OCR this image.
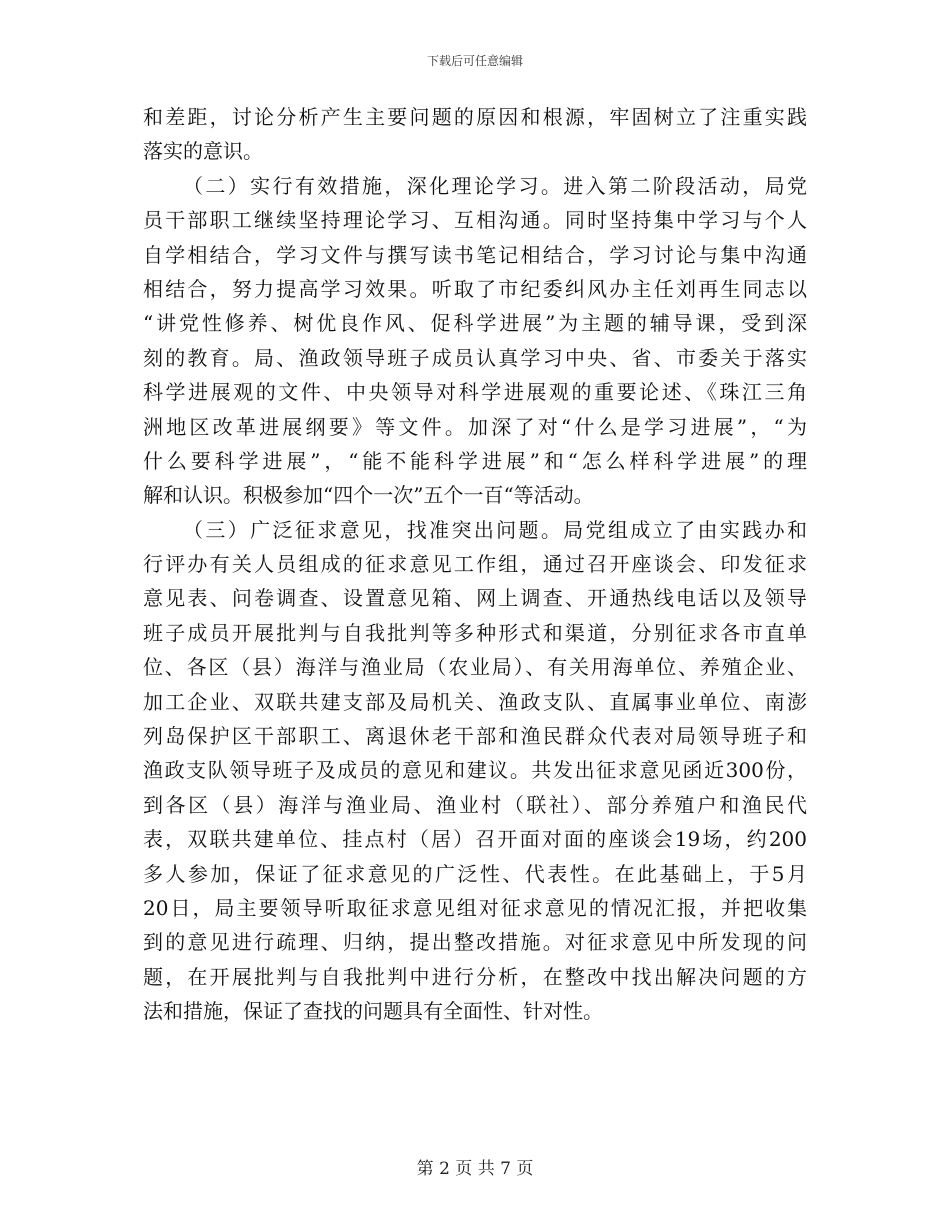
下载后可任意编辑
和差距，讨论分析产生主要问题的原因和根源，牢固树立了注重实践
落实的意识。
（二）实行有效措施，深化理论学习。进入第二阶段活动，局党
员干部职工继续坚持理论学习、互相沟通。同时坚持集中学习与个人
自学相结合，学习文件与撰写读书笔记相结合，学习讨论与集中沟通
相结合，努力提高学习效果。听取了市纪委纠风办主任刘再生同志以
“讲党性修养、树优良作风、促科学进展”为主题的辅导课，受到深
刻的教育。局、渔政领导班子成员认真学习中央、省、市委关于落实
科学进展观的文件、中央领导对科学进展观的重要论述、《珠江三角
洲地区改革进展纲要》等文件。加深了对“什么是学习进展”，“为
什么要科学进展”，“能不能科学进展”和“怎么样科学进展”的理
解和认识。积极参加“四个一次”五个一百“等活动。
（三）广泛征求意见，找准突出问题。局党组成立了由实践办和
行评办有关人员组成的征求意见工作组，通过召开座谈会、印发征求
意见表、问卷调查、设置意见箱、网上调查、开通热线电话以及领导
班子成员开展批判与自我批判等多种形式和渠道，分别征求各市直单
位、各区（县）海洋与渔业局（农业局）、有关用海单位、养殖企业、
加工企业、双联共建支部及局机关、渔政支队、直属事业单位、南澎
列岛保护区干部职工、离退休老干部和渔民群众代表对局领导班子和
渔政支队领导班子及成员的意见和建议。共发出征求意见函近300份，
到各区（县）海洋与渔业局、渔业村（联社）、部分养殖户和渔民代
表，双联共建单位、挂点村（居）召开面对面的座谈会19场，约200
多人参加，保证了征求意见的广泛性、代表性。在此基础上，于5月
20日，局主要领导听取征求意见组对征求意见的情况汇报，并把收集
到的意见进行疏理、归纳，提出整改措施。对征求意见中所发现的问
题，在开展批判与自我批判中进行分析，在整改中找出解决问题的方
法和措施，保证了查找的问题具有全面性、针对性。
第 2 页 共 7 页
